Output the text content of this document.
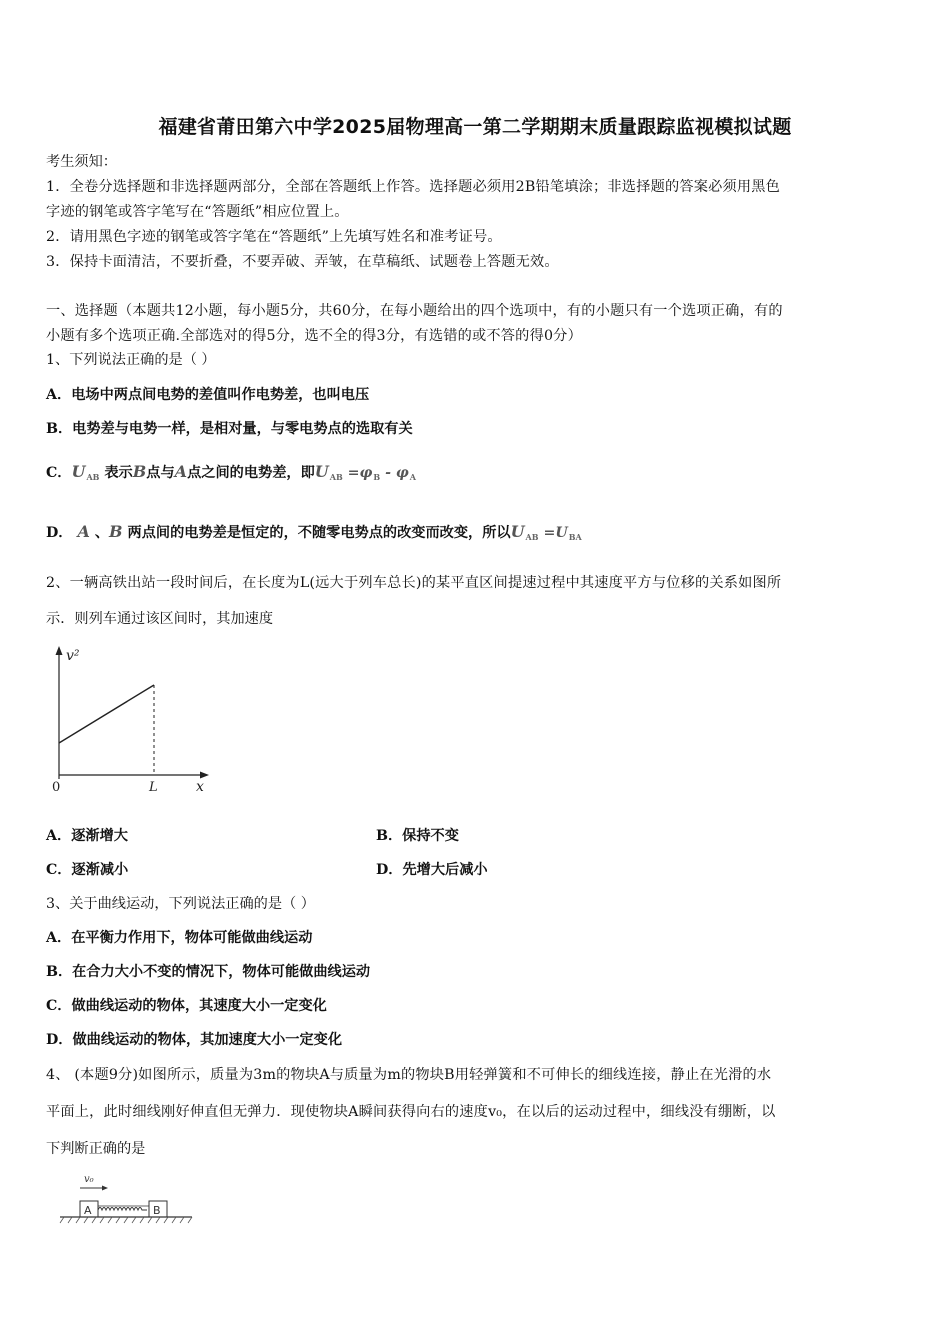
福建省莆田第六中学2025届物理高一第二学期期末质量跟踪监视模拟试题
考生须知：
1．全卷分选择题和非选择题两部分，全部在答题纸上作答。选择题必须用2B铅笔填涂；非选择题的答案必须用黑色
字迹的钢笔或答字笔写在“答题纸”相应位置上。
2．请用黑色字迹的钢笔或答字笔在“答题纸”上先填写姓名和准考证号。
3．保持卡面清洁，不要折叠，不要弄破、弄皱，在草稿纸、试题卷上答题无效。
一、选择题（本题共12小题，每小题5分，共60分，在每小题给出的四个选项中，有的小题只有一个选项正确，有的
小题有多个选项正确.全部选对的得5分，选不全的得3分，有选错的或不答的得0分）
1、下列说法正确的是（ ）
A．电场中两点间电势的差值叫作电势差，也叫电压
B．电势差与电势一样，是相对量，与零电势点的选取有关
C．$U_{AB}$ 表示B点与A点之间的电势差，即$U_{AB} =\varphi_B - \varphi_A$
D． A 、B 两点间的电势差是恒定的，不随零电势点的改变而改变，所以$U_{AB} =U_{BA}$
2、一辆高铁出站一段时间后，在长度为L(远大于列车总长)的某平直区间提速过程中其速度平方与位移的关系如图所
示．则列车通过该区间时，其加速度
v²
0	L	x
A．逐渐增大	B．保持不变
C．逐渐减小	D．先增大后减小
3、关于曲线运动，下列说法正确的是（ ）
A．在平衡力作用下，物体可能做曲线运动
B．在合力大小不变的情况下，物体可能做曲线运动
C．做曲线运动的物体，其速度大小一定变化
D．做曲线运动的物体，其加速度大小一定变化
4、 (本题9分)如图所示，质量为3m的物块A与质量为m的物块B用轻弹簧和不可伸长的细线连接，静止在光滑的水
平面上，此时细线刚好伸直但无弹力．现使物块A瞬间获得向右的速度v₀，在以后的运动过程中，细线没有绷断，以
下判断正确的是
v₀
A	B
